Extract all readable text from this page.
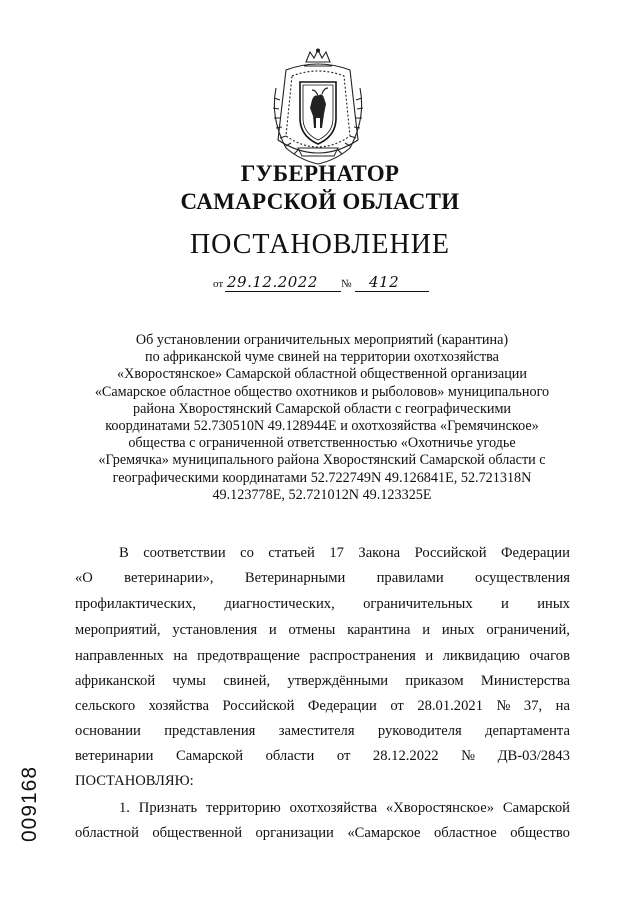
ГУБЕРНАТОР
САМАРСКОЙ ОБЛАСТИ
ПОСТАНОВЛЕНИЕ
от 29.12.2022 № 412
Об установлении ограничительных мероприятий (карантина)
по африканской чуме свиней на территории охотхозяйства
«Хворостянское» Самарской областной общественной организации
«Самарское областное общество охотников и рыболовов» муниципального
района Хворостянский Самарской области с географическими
координатами 52.730510N 49.128944E и охотхозяйства «Гремячинское»
общества с ограниченной ответственностью «Охотничье угодье
«Гремячка» муниципального района Хворостянский Самарской области с
географическими координатами 52.722749N 49.126841E, 52.721318N
49.123778E, 52.721012N 49.123325E
В соответствии со статьей 17 Закона Российской Федерации
«О ветеринарии», Ветеринарными правилами осуществления
профилактических, диагностических, ограничительных и иных
мероприятий, установления и отмены карантина и иных ограничений,
направленных на предотвращение распространения и ликвидацию очагов
африканской чумы свиней, утверждёнными приказом Министерства
сельского хозяйства Российской Федерации от 28.01.2021 № 37, на
основании представления заместителя руководителя департамента
ветеринарии Самарской области от 28.12.2022 № ДВ-03/2843
ПОСТАНОВЛЯЮ:
1. Признать территорию охотхозяйства «Хворостянское» Самарской
областной общественной организации «Самарское областное общество
009168
